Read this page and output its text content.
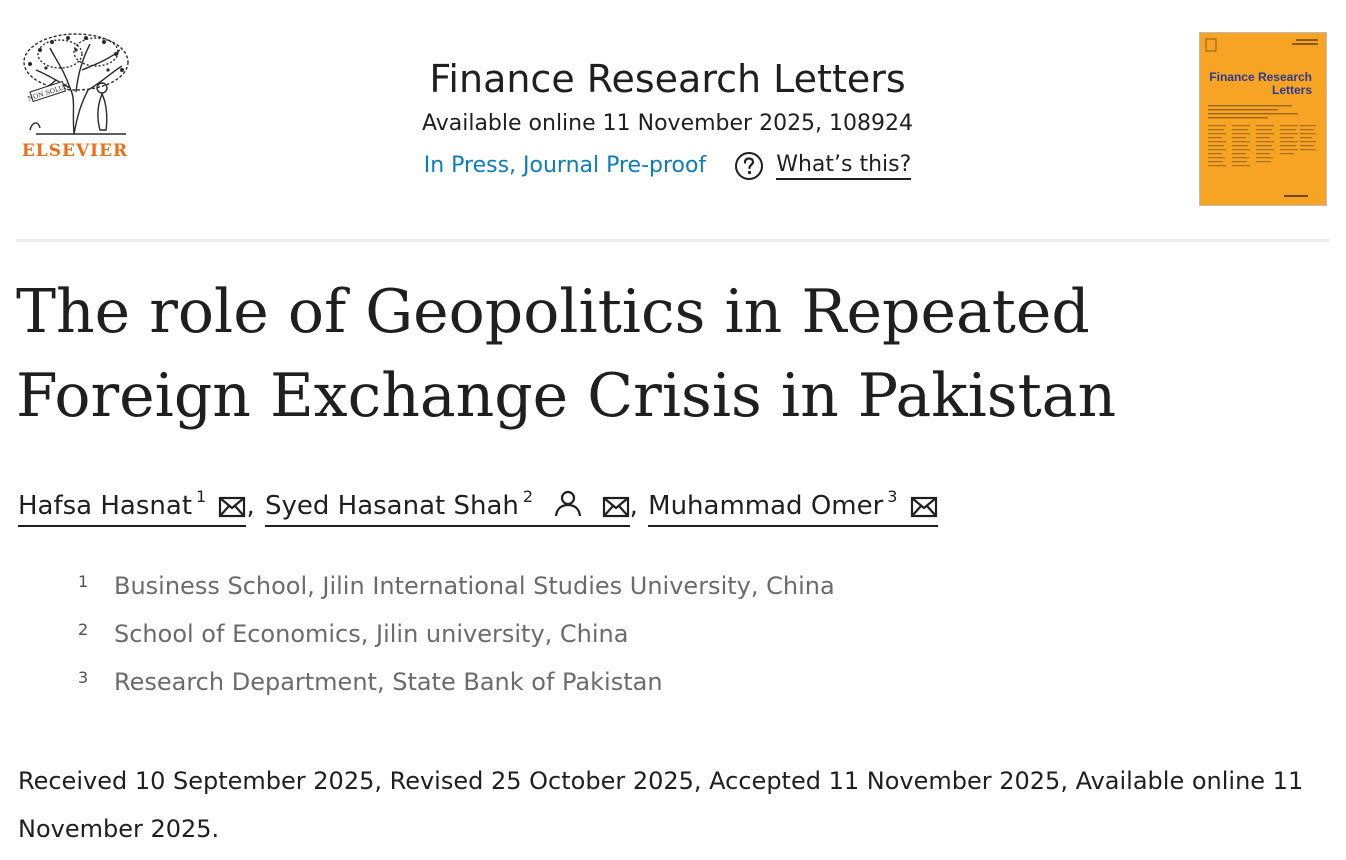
NON SOLUS
ELSEVIER
Finance Research Letters
Available online 11 November 2025, 108924
In Press, Journal Pre-proof	What’s this?
Finance Research
Letters
The role of Geopolitics in Repeated Foreign Exchange Crisis in Pakistan
Hafsa Hasnat $^1$ , Syed Hasanat Shah $^2$	, Muhammad Omer $^3$
1	Business School, Jilin International Studies University, China
2	School of Economics, Jilin university, China
3	Research Department, State Bank of Pakistan
Received 10 September 2025, Revised 25 October 2025, Accepted 11 November 2025, Available online 11 November 2025.
